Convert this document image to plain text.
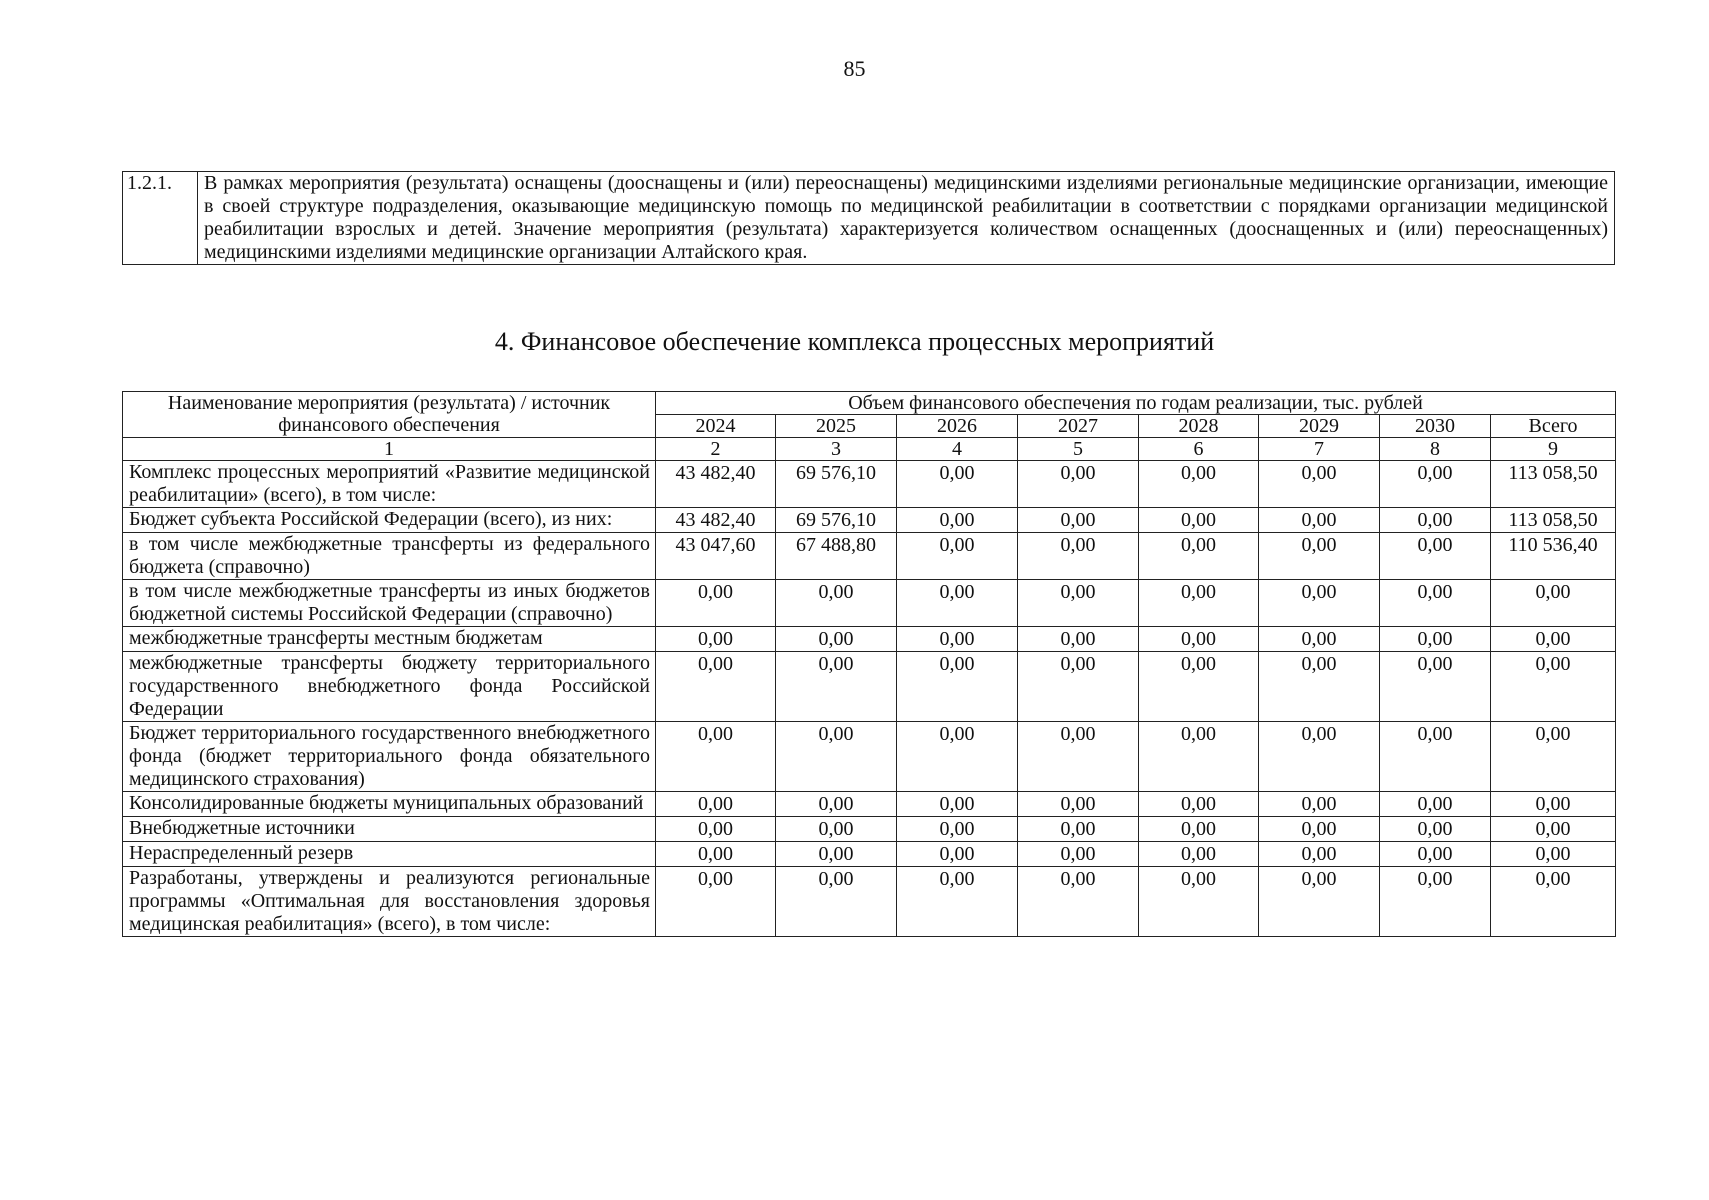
85
1.2.1.	В рамках мероприятия (результата) оснащены (дооснащены и (или) переоснащены) медицинскими изделиями региональные медицинские организации, имеющие в своей структуре подразделения, оказывающие медицинскую помощь по медицинской реабилитации в соответствии с порядками организации медицинской реабилитации взрослых и детей. Значение мероприятия (результата) характеризуется количеством оснащенных (дооснащенных и (или) переоснащенных) медицинскими изделиями медицинские организации Алтайского края.
4. Финансовое обеспечение комплекса процессных мероприятий
Наименование мероприятия (результата) / источник финансового обеспечения	Объем финансового обеспечения по годам реализации, тыс. рублей							
	2024	2025	2026	2027	2028	2029	2030	Всего
1	2	3	4	5	6	7	8	9
Комплекс процессных мероприятий «Развитие медицинской реабилитации» (всего), в том числе:	43 482,40	69 576,10	0,00	0,00	0,00	0,00	0,00	113 058,50
Бюджет субъекта Российской Федерации (всего), из них:	43 482,40	69 576,10	0,00	0,00	0,00	0,00	0,00	113 058,50
в том числе межбюджетные трансферты из федерального бюджета (справочно)	43 047,60	67 488,80	0,00	0,00	0,00	0,00	0,00	110 536,40
в том числе межбюджетные трансферты из иных бюджетов бюджетной системы Российской Федерации (справочно)	0,00	0,00	0,00	0,00	0,00	0,00	0,00	0,00
межбюджетные трансферты местным бюджетам	0,00	0,00	0,00	0,00	0,00	0,00	0,00	0,00
межбюджетные трансферты бюджету территориального государственного внебюджетного фонда Российской Федерации	0,00	0,00	0,00	0,00	0,00	0,00	0,00	0,00
Бюджет территориального государственного внебюджетного фонда (бюджет территориального фонда обязательного медицинского страхования)	0,00	0,00	0,00	0,00	0,00	0,00	0,00	0,00
Консолидированные бюджеты муниципальных образований	0,00	0,00	0,00	0,00	0,00	0,00	0,00	0,00
Внебюджетные источники	0,00	0,00	0,00	0,00	0,00	0,00	0,00	0,00
Нераспределенный резерв	0,00	0,00	0,00	0,00	0,00	0,00	0,00	0,00
Разработаны, утверждены и реализуются региональные программы «Оптимальная для восстановления здоровья медицинская реабилитация» (всего), в том числе:	0,00	0,00	0,00	0,00	0,00	0,00	0,00	0,00
